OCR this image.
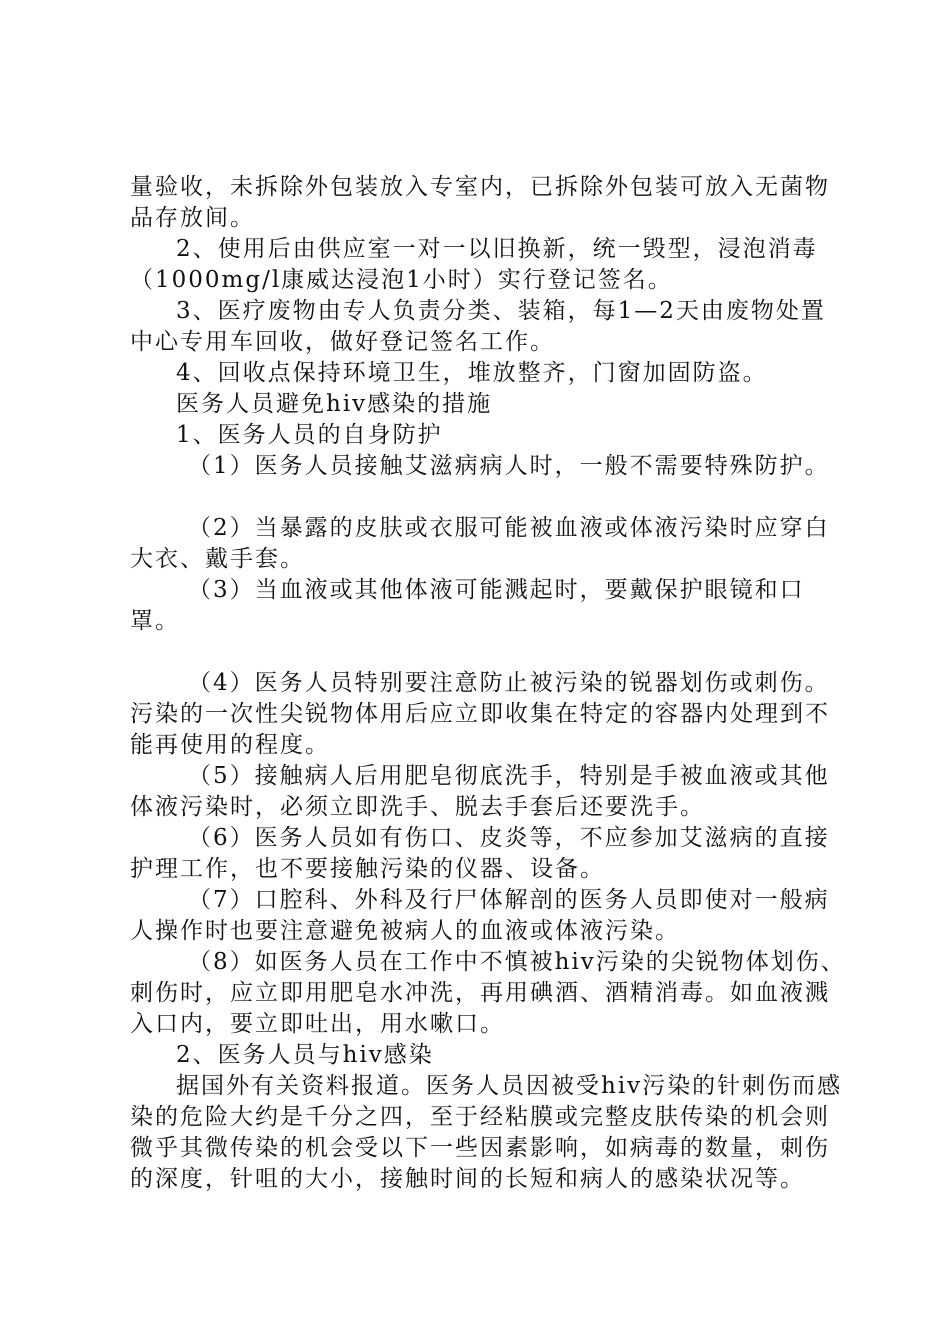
量验收，未拆除外包装放入专室内，已拆除外包装可放入无菌物品存放间。

2、使用后由供应室一对一以旧换新，统一毁型，浸泡消毒（1000mg/l康威达浸泡1小时）实行登记签名。

3、医疗废物由专人负责分类、装箱，每1—2天由废物处置中心专用车回收，做好登记签名工作。

4、回收点保持环境卫生，堆放整齐，门窗加固防盗。

医务人员避免hiv感染的措施

1、医务人员的自身防护

（1）医务人员接触艾滋病病人时，一般不需要特殊防护。

（2）当暴露的皮肤或衣服可能被血液或体液污染时应穿白大衣、戴手套。

（3）当血液或其他体液可能溅起时，要戴保护眼镜和口罩。

（4）医务人员特别要注意防止被污染的锐器划伤或刺伤。污染的一次性尖锐物体用后应立即收集在特定的容器内处理到不能再使用的程度。

（5）接触病人后用肥皂彻底洗手，特别是手被血液或其他体液污染时，必须立即洗手、脱去手套后还要洗手。

（6）医务人员如有伤口、皮炎等，不应参加艾滋病的直接护理工作，也不要接触污染的仪器、设备。

（7）口腔科、外科及行尸体解剖的医务人员即使对一般病人操作时也要注意避免被病人的血液或体液污染。

（8）如医务人员在工作中不慎被hiv污染的尖锐物体划伤、刺伤时，应立即用肥皂水冲洗，再用碘酒、酒精消毒。如血液溅入口内，要立即吐出，用水嗽口。

2、医务人员与hiv感染

据国外有关资料报道。医务人员因被受hiv污染的针刺伤而感染的危险大约是千分之四，至于经粘膜或完整皮肤传染的机会则微乎其微传染的机会受以下一些因素影响，如病毒的数量，刺伤的深度，针咀的大小，接触时间的长短和病人的感染状况等。
